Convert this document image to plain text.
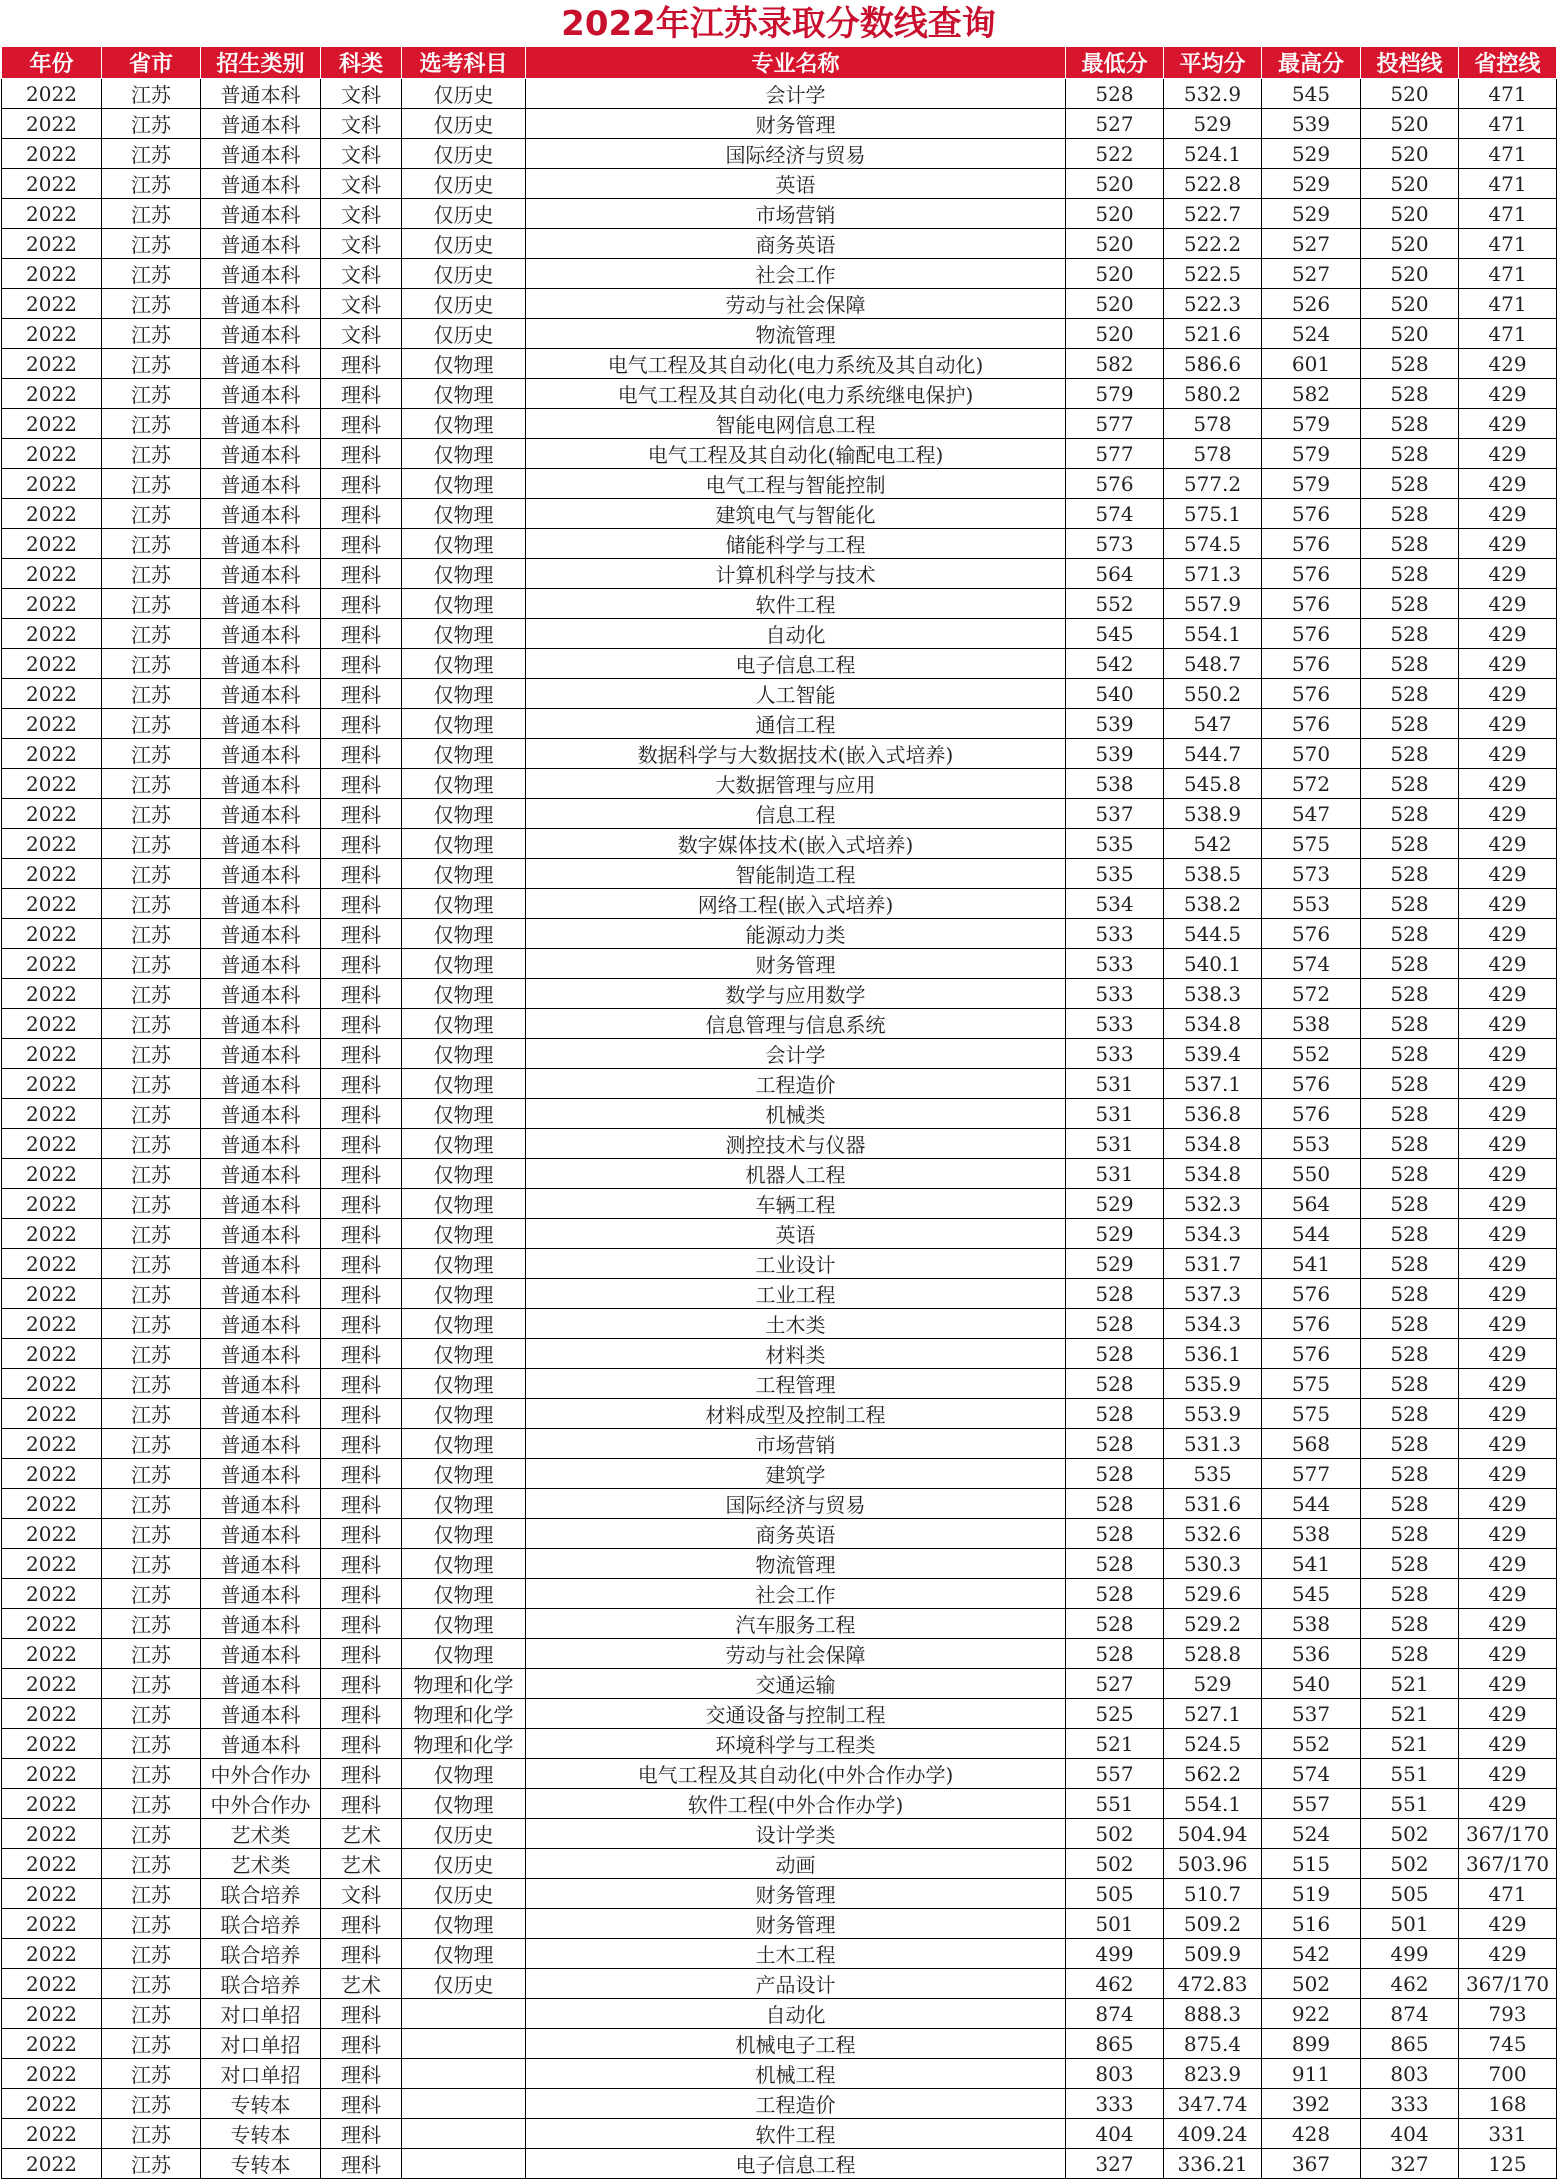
2022年江苏录取分数线查询
年份	省市	招生类别	科类	选考科目	专业名称	最低分	平均分	最高分	投档线	省控线
2022	江苏	普通本科	文科	仅历史	会计学	528	532.9	545	520	471
2022	江苏	普通本科	文科	仅历史	财务管理	527	529	539	520	471
2022	江苏	普通本科	文科	仅历史	国际经济与贸易	522	524.1	529	520	471
2022	江苏	普通本科	文科	仅历史	英语	520	522.8	529	520	471
2022	江苏	普通本科	文科	仅历史	市场营销	520	522.7	529	520	471
2022	江苏	普通本科	文科	仅历史	商务英语	520	522.2	527	520	471
2022	江苏	普通本科	文科	仅历史	社会工作	520	522.5	527	520	471
2022	江苏	普通本科	文科	仅历史	劳动与社会保障	520	522.3	526	520	471
2022	江苏	普通本科	文科	仅历史	物流管理	520	521.6	524	520	471
2022	江苏	普通本科	理科	仅物理	电气工程及其自动化(电力系统及其自动化)	582	586.6	601	528	429
2022	江苏	普通本科	理科	仅物理	电气工程及其自动化(电力系统继电保护)	579	580.2	582	528	429
2022	江苏	普通本科	理科	仅物理	智能电网信息工程	577	578	579	528	429
2022	江苏	普通本科	理科	仅物理	电气工程及其自动化(输配电工程)	577	578	579	528	429
2022	江苏	普通本科	理科	仅物理	电气工程与智能控制	576	577.2	579	528	429
2022	江苏	普通本科	理科	仅物理	建筑电气与智能化	574	575.1	576	528	429
2022	江苏	普通本科	理科	仅物理	储能科学与工程	573	574.5	576	528	429
2022	江苏	普通本科	理科	仅物理	计算机科学与技术	564	571.3	576	528	429
2022	江苏	普通本科	理科	仅物理	软件工程	552	557.9	576	528	429
2022	江苏	普通本科	理科	仅物理	自动化	545	554.1	576	528	429
2022	江苏	普通本科	理科	仅物理	电子信息工程	542	548.7	576	528	429
2022	江苏	普通本科	理科	仅物理	人工智能	540	550.2	576	528	429
2022	江苏	普通本科	理科	仅物理	通信工程	539	547	576	528	429
2022	江苏	普通本科	理科	仅物理	数据科学与大数据技术(嵌入式培养)	539	544.7	570	528	429
2022	江苏	普通本科	理科	仅物理	大数据管理与应用	538	545.8	572	528	429
2022	江苏	普通本科	理科	仅物理	信息工程	537	538.9	547	528	429
2022	江苏	普通本科	理科	仅物理	数字媒体技术(嵌入式培养)	535	542	575	528	429
2022	江苏	普通本科	理科	仅物理	智能制造工程	535	538.5	573	528	429
2022	江苏	普通本科	理科	仅物理	网络工程(嵌入式培养)	534	538.2	553	528	429
2022	江苏	普通本科	理科	仅物理	能源动力类	533	544.5	576	528	429
2022	江苏	普通本科	理科	仅物理	财务管理	533	540.1	574	528	429
2022	江苏	普通本科	理科	仅物理	数学与应用数学	533	538.3	572	528	429
2022	江苏	普通本科	理科	仅物理	信息管理与信息系统	533	534.8	538	528	429
2022	江苏	普通本科	理科	仅物理	会计学	533	539.4	552	528	429
2022	江苏	普通本科	理科	仅物理	工程造价	531	537.1	576	528	429
2022	江苏	普通本科	理科	仅物理	机械类	531	536.8	576	528	429
2022	江苏	普通本科	理科	仅物理	测控技术与仪器	531	534.8	553	528	429
2022	江苏	普通本科	理科	仅物理	机器人工程	531	534.8	550	528	429
2022	江苏	普通本科	理科	仅物理	车辆工程	529	532.3	564	528	429
2022	江苏	普通本科	理科	仅物理	英语	529	534.3	544	528	429
2022	江苏	普通本科	理科	仅物理	工业设计	529	531.7	541	528	429
2022	江苏	普通本科	理科	仅物理	工业工程	528	537.3	576	528	429
2022	江苏	普通本科	理科	仅物理	土木类	528	534.3	576	528	429
2022	江苏	普通本科	理科	仅物理	材料类	528	536.1	576	528	429
2022	江苏	普通本科	理科	仅物理	工程管理	528	535.9	575	528	429
2022	江苏	普通本科	理科	仅物理	材料成型及控制工程	528	553.9	575	528	429
2022	江苏	普通本科	理科	仅物理	市场营销	528	531.3	568	528	429
2022	江苏	普通本科	理科	仅物理	建筑学	528	535	577	528	429
2022	江苏	普通本科	理科	仅物理	国际经济与贸易	528	531.6	544	528	429
2022	江苏	普通本科	理科	仅物理	商务英语	528	532.6	538	528	429
2022	江苏	普通本科	理科	仅物理	物流管理	528	530.3	541	528	429
2022	江苏	普通本科	理科	仅物理	社会工作	528	529.6	545	528	429
2022	江苏	普通本科	理科	仅物理	汽车服务工程	528	529.2	538	528	429
2022	江苏	普通本科	理科	仅物理	劳动与社会保障	528	528.8	536	528	429
2022	江苏	普通本科	理科	物理和化学	交通运输	527	529	540	521	429
2022	江苏	普通本科	理科	物理和化学	交通设备与控制工程	525	527.1	537	521	429
2022	江苏	普通本科	理科	物理和化学	环境科学与工程类	521	524.5	552	521	429
2022	江苏	中外合作办	理科	仅物理	电气工程及其自动化(中外合作办学)	557	562.2	574	551	429
2022	江苏	中外合作办	理科	仅物理	软件工程(中外合作办学)	551	554.1	557	551	429
2022	江苏	艺术类	艺术	仅历史	设计学类	502	504.94	524	502	367/170
2022	江苏	艺术类	艺术	仅历史	动画	502	503.96	515	502	367/170
2022	江苏	联合培养	文科	仅历史	财务管理	505	510.7	519	505	471
2022	江苏	联合培养	理科	仅物理	财务管理	501	509.2	516	501	429
2022	江苏	联合培养	理科	仅物理	土木工程	499	509.9	542	499	429
2022	江苏	联合培养	艺术	仅历史	产品设计	462	472.83	502	462	367/170
2022	江苏	对口单招	理科		自动化	874	888.3	922	874	793
2022	江苏	对口单招	理科		机械电子工程	865	875.4	899	865	745
2022	江苏	对口单招	理科		机械工程	803	823.9	911	803	700
2022	江苏	专转本	理科		工程造价	333	347.74	392	333	168
2022	江苏	专转本	理科		软件工程	404	409.24	428	404	331
2022	江苏	专转本	理科		电子信息工程	327	336.21	367	327	125
